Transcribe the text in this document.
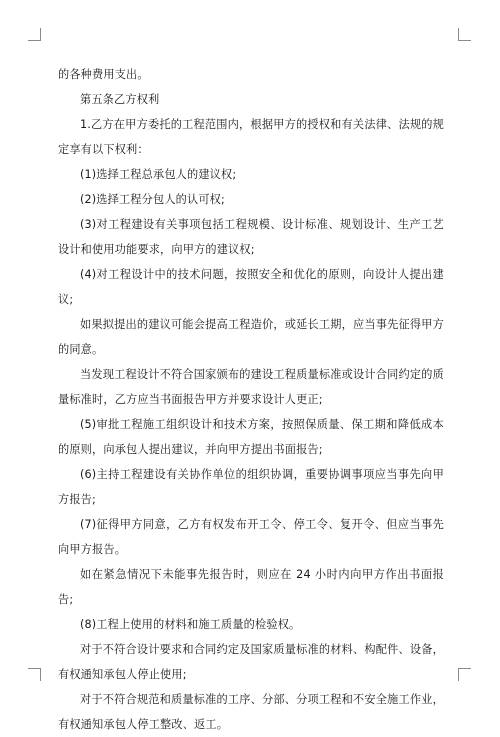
的各种费用支出。

第五条乙方权利

1.乙方在甲方委托的工程范围内，根据甲方的授权和有关法律、法规的规定享有以下权利：

(1)选择工程总承包人的建议权;

(2)选择工程分包人的认可权;

(3)对工程建设有关事项包括工程规模、设计标准、规划设计、生产工艺设计和使用功能要求，向甲方的建议权;

(4)对工程设计中的技术问题，按照安全和优化的原则，向设计人提出建议;

如果拟提出的建议可能会提高工程造价，或延长工期，应当事先征得甲方的同意。

当发现工程设计不符合国家颁布的建设工程质量标准或设计合同约定的质量标准时，乙方应当书面报告甲方并要求设计人更正;

(5)审批工程施工组织设计和技术方案，按照保质量、保工期和降低成本的原则，向承包人提出建议，并向甲方提出书面报告;

(6)主持工程建设有关协作单位的组织协调，重要协调事项应当事先向甲方报告;

(7)征得甲方同意，乙方有权发布开工令、停工令、复开令、但应当事先向甲方报告。

如在紧急情况下未能事先报告时，则应在 24 小时内向甲方作出书面报告;

(8)工程上使用的材料和施工质量的检验权。

对于不符合设计要求和合同约定及国家质量标准的材料、构配件、设备，有权通知承包人停止使用;

对于不符合规范和质量标准的工序、分部、分项工程和不安全施工作业，有权通知承包人停工整改、返工。
